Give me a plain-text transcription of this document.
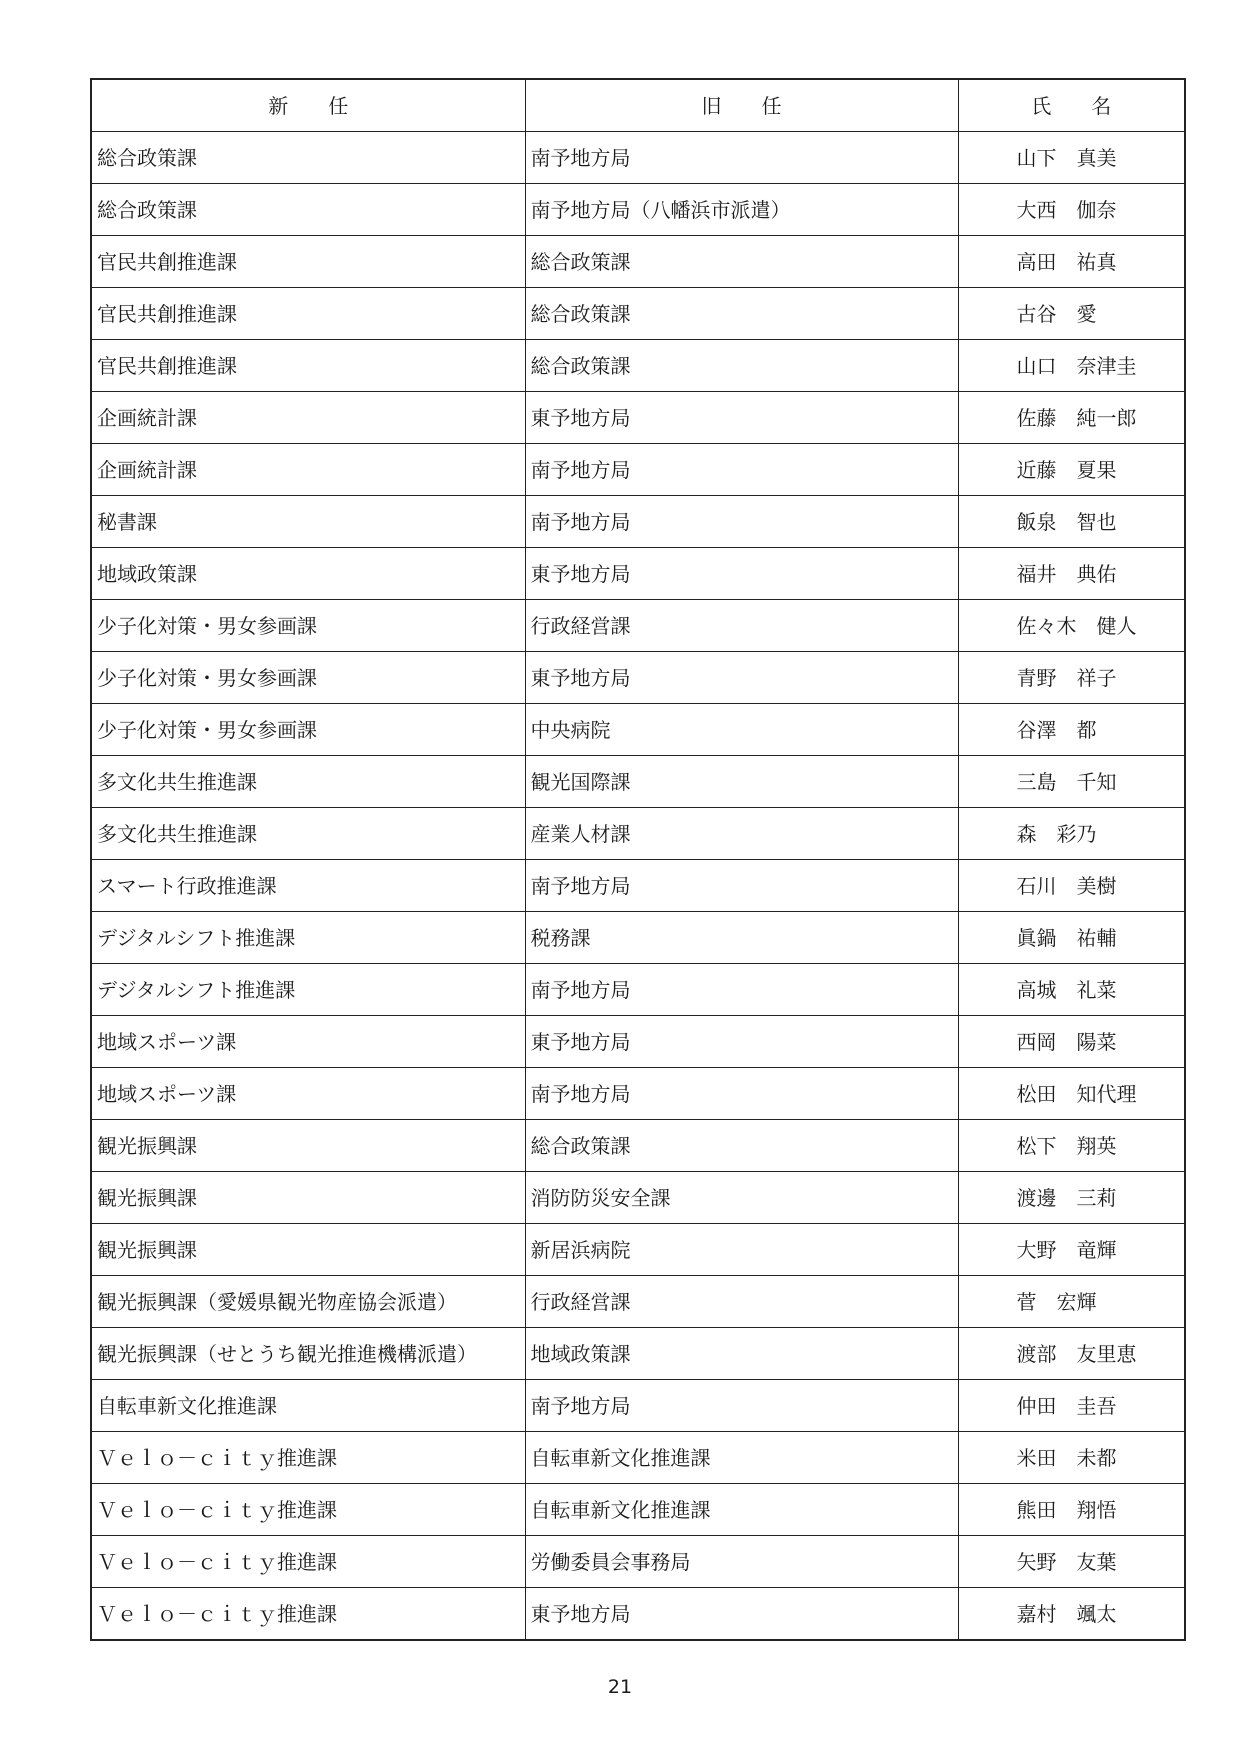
新　　任	旧　　任	氏　　名
総合政策課	南予地方局	山下　真美
総合政策課	南予地方局（八幡浜市派遣）	大西　伽奈
官民共創推進課	総合政策課	高田　祐真
官民共創推進課	総合政策課	古谷　愛
官民共創推進課	総合政策課	山口　奈津圭
企画統計課	東予地方局	佐藤　純一郎
企画統計課	南予地方局	近藤　夏果
秘書課	南予地方局	飯泉　智也
地域政策課	東予地方局	福井　典佑
少子化対策・男女参画課	行政経営課	佐々木　健人
少子化対策・男女参画課	東予地方局	青野　祥子
少子化対策・男女参画課	中央病院	谷澤　都
多文化共生推進課	観光国際課	三島　千知
多文化共生推進課	産業人材課	森　彩乃
スマート行政推進課	南予地方局	石川　美樹
デジタルシフト推進課	税務課	眞鍋　祐輔
デジタルシフト推進課	南予地方局	高城　礼菜
地域スポーツ課	東予地方局	西岡　陽菜
地域スポーツ課	南予地方局	松田　知代理
観光振興課	総合政策課	松下　翔英
観光振興課	消防防災安全課	渡邊　三莉
観光振興課	新居浜病院	大野　竜輝
観光振興課（愛媛県観光物産協会派遣）	行政経営課	菅　宏輝
観光振興課（せとうち観光推進機構派遣）	地域政策課	渡部　友里恵
自転車新文化推進課	南予地方局	仲田　圭吾
Ｖｅｌｏ－ｃｉｔｙ推進課	自転車新文化推進課	米田　未都
Ｖｅｌｏ－ｃｉｔｙ推進課	自転車新文化推進課	熊田　翔悟
Ｖｅｌｏ－ｃｉｔｙ推進課	労働委員会事務局	矢野　友葉
Ｖｅｌｏ－ｃｉｔｙ推進課	東予地方局	嘉村　颯太
21
